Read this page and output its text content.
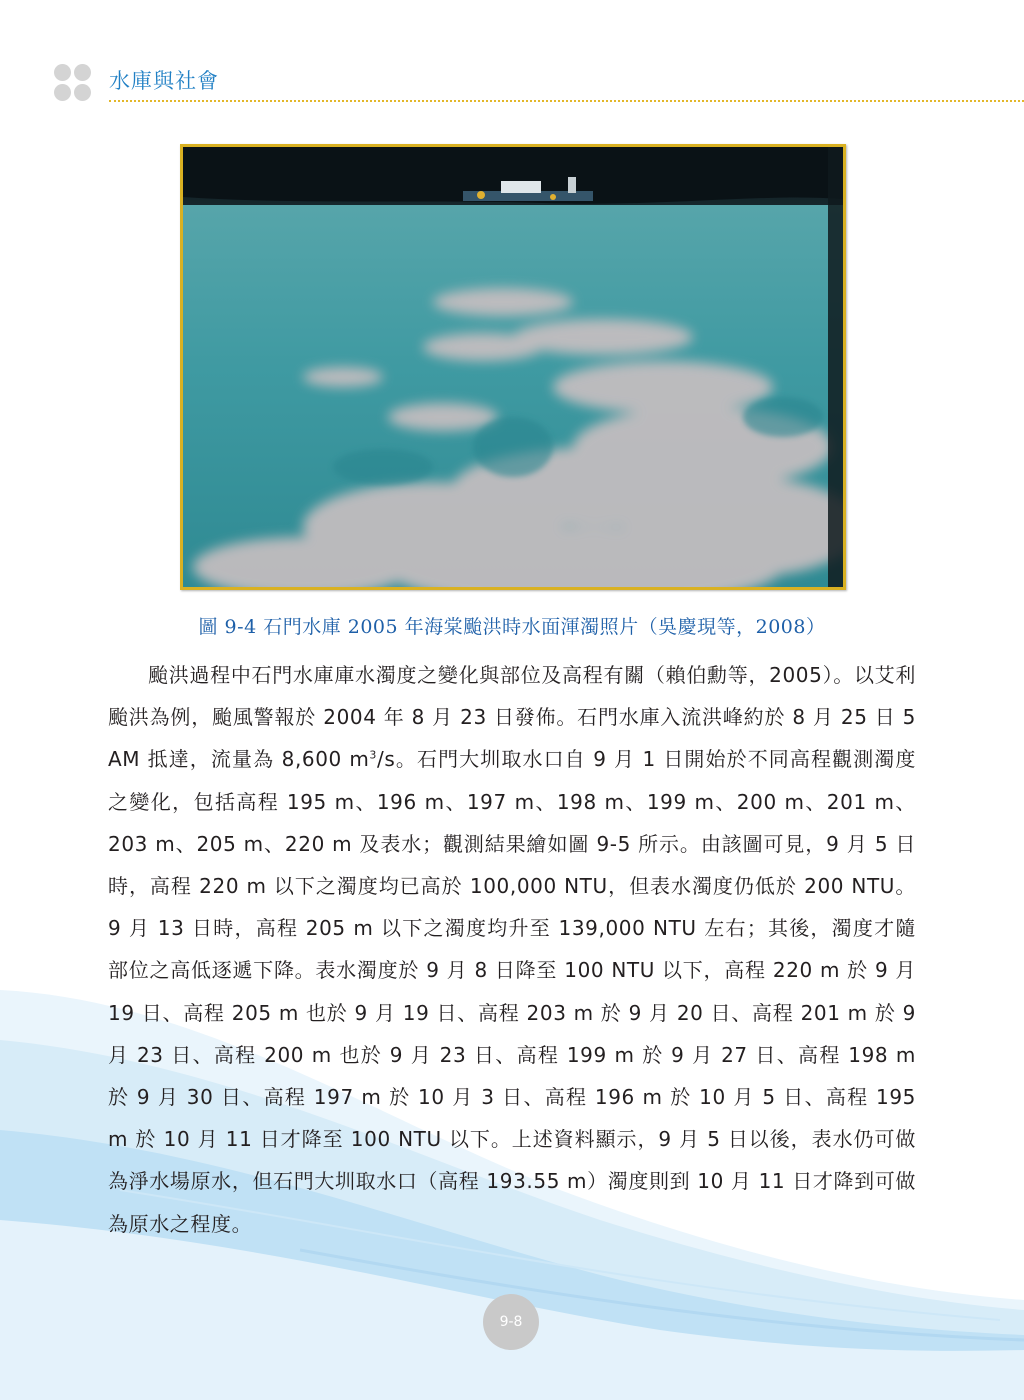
水庫與社會
圖 9-4 石門水庫 2005 年海棠颱洪時水面渾濁照片（吳慶現等，2008）

颱洪過程中石門水庫庫水濁度之變化與部位及高程有關（賴伯勳等，2005）。以艾利颱洪為例，颱風警報於 2004 年 8 月 23 日發佈。石門水庫入流洪峰約於 8 月 25 日 5 AM 抵達，流量為 8,600 $m^3/s$。石門大圳取水口自 9 月 1 日開始於不同高程觀測濁度之變化，包括高程 195 m、196 m、197 m、198 m、199 m、200 m、201 m、203 m、205 m、220 m 及表水；觀測結果繪如圖 9-5 所示。由該圖可見，9 月 5 日時，高程 220 m 以下之濁度均已高於 100,000 NTU，但表水濁度仍低於 200 NTU。9 月 13 日時，高程 205 m 以下之濁度均升至 139,000 NTU 左右；其後，濁度才隨部位之高低逐遞下降。表水濁度於 9 月 8 日降至 100 NTU 以下，高程 220 m 於 9 月 19 日、高程 205 m 也於 9 月 19 日、高程 203 m 於 9 月 20 日、高程 201 m 於 9 月 23 日、高程 200 m 也於 9 月 23 日、高程 199 m 於 9 月 27 日、高程 198 m 於 9 月 30 日、高程 197 m 於 10 月 3 日、高程 196 m 於 10 月 5 日、高程 195 m 於 10 月 11 日才降至 100 NTU 以下。上述資料顯示，9 月 5 日以後，表水仍可做為淨水場原水，但石門大圳取水口（高程 193.55 m）濁度則到 10 月 11 日才降到可做為原水之程度。

9-8
